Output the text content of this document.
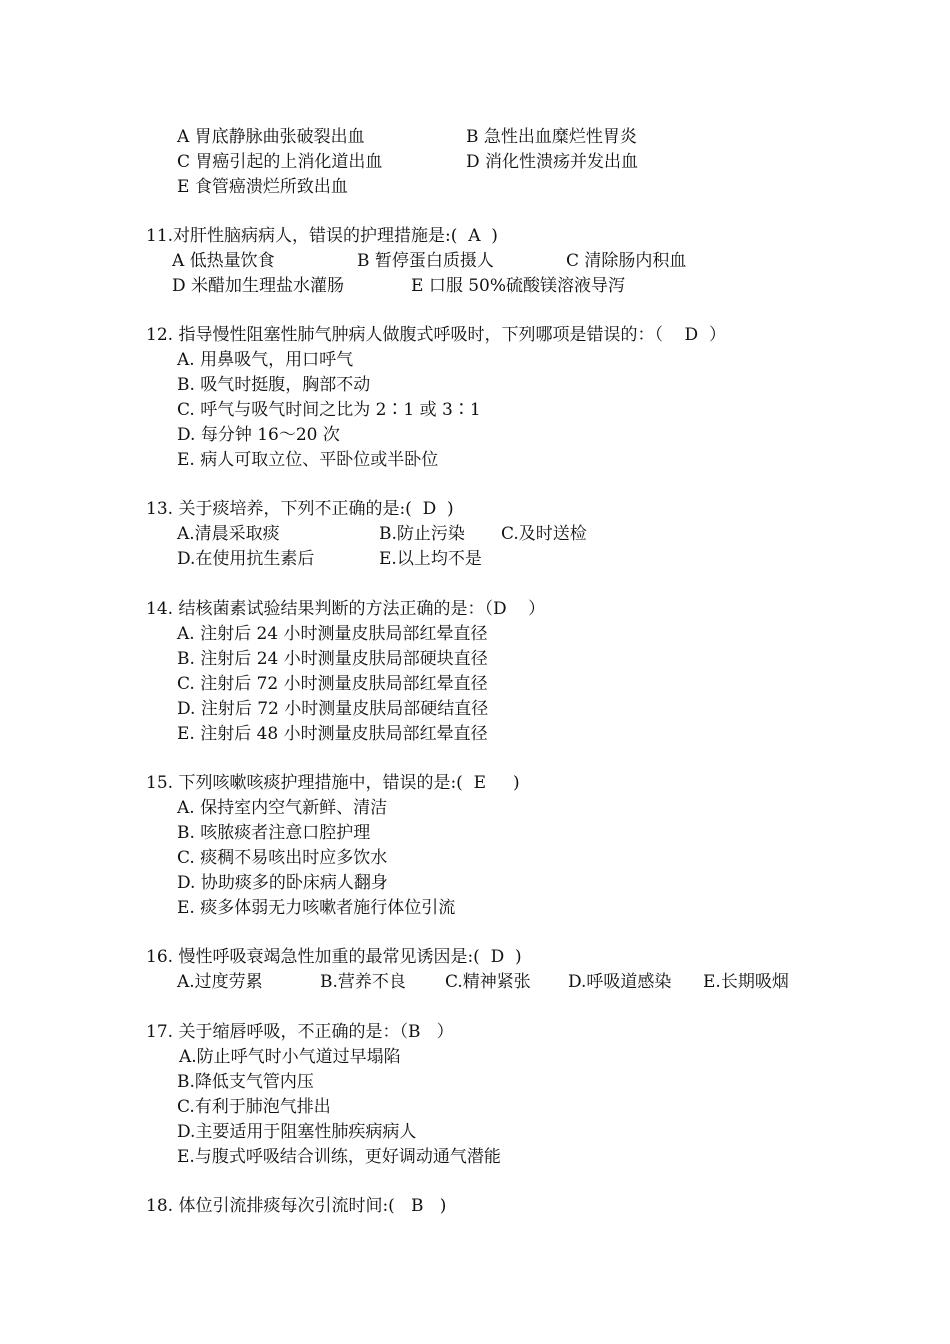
A 胃底静脉曲张破裂出血	B 急性出血糜烂性胃炎
C 胃癌引起的上消化道出血	D 消化性溃疡并发出血
E 食管癌溃烂所致出血
11.对肝性脑病病人，错误的护理措施是:(  A  )
A 低热量饮食	B 暂停蛋白质摄人	C 清除肠内积血
D 米醋加生理盐水灌肠	E 口服 50%硫酸镁溶液导泻
12. 指导慢性阻塞性肺气肿病人做腹式呼吸时，下列哪项是错误的：（    D  ）
A. 用鼻吸气，用口呼气
B. 吸气时挺腹，胸部不动
C. 呼气与吸气时间之比为 2∶1 或 3∶1
D. 每分钟 16～20 次
E. 病人可取立位、平卧位或半卧位
13. 关于痰培养，下列不正确的是:(  D  )
A.清晨采取痰	B.防止污染 C.及时送检
D.在使用抗生素后	E.以上均不是
14. 结核菌素试验结果判断的方法正确的是：（D    ）
A. 注射后 24 小时测量皮肤局部红晕直径
B. 注射后 24 小时测量皮肤局部硬块直径
C. 注射后 72 小时测量皮肤局部红晕直径
D. 注射后 72 小时测量皮肤局部硬结直径
E. 注射后 48 小时测量皮肤局部红晕直径
15. 下列咳嗽咳痰护理措施中，错误的是:(  E     )
A. 保持室内空气新鲜、清洁
B. 咳脓痰者注意口腔护理
C. 痰稠不易咳出时应多饮水
D. 协助痰多的卧床病人翻身
E. 痰多体弱无力咳嗽者施行体位引流
16. 慢性呼吸衰竭急性加重的最常见诱因是:(  D  )
A.过度劳累	B.营养不良 C.精神紧张 D.呼吸道感染 E.长期吸烟
17. 关于缩唇呼吸，不正确的是：（B   ）
A.防止呼气时小气道过早塌陷
B.降低支气管内压
C.有利于肺泡气排出
D.主要适用于阻塞性肺疾病病人
E.与腹式呼吸结合训练，更好调动通气潜能
18. 体位引流排痰每次引流时间:(   B   )
